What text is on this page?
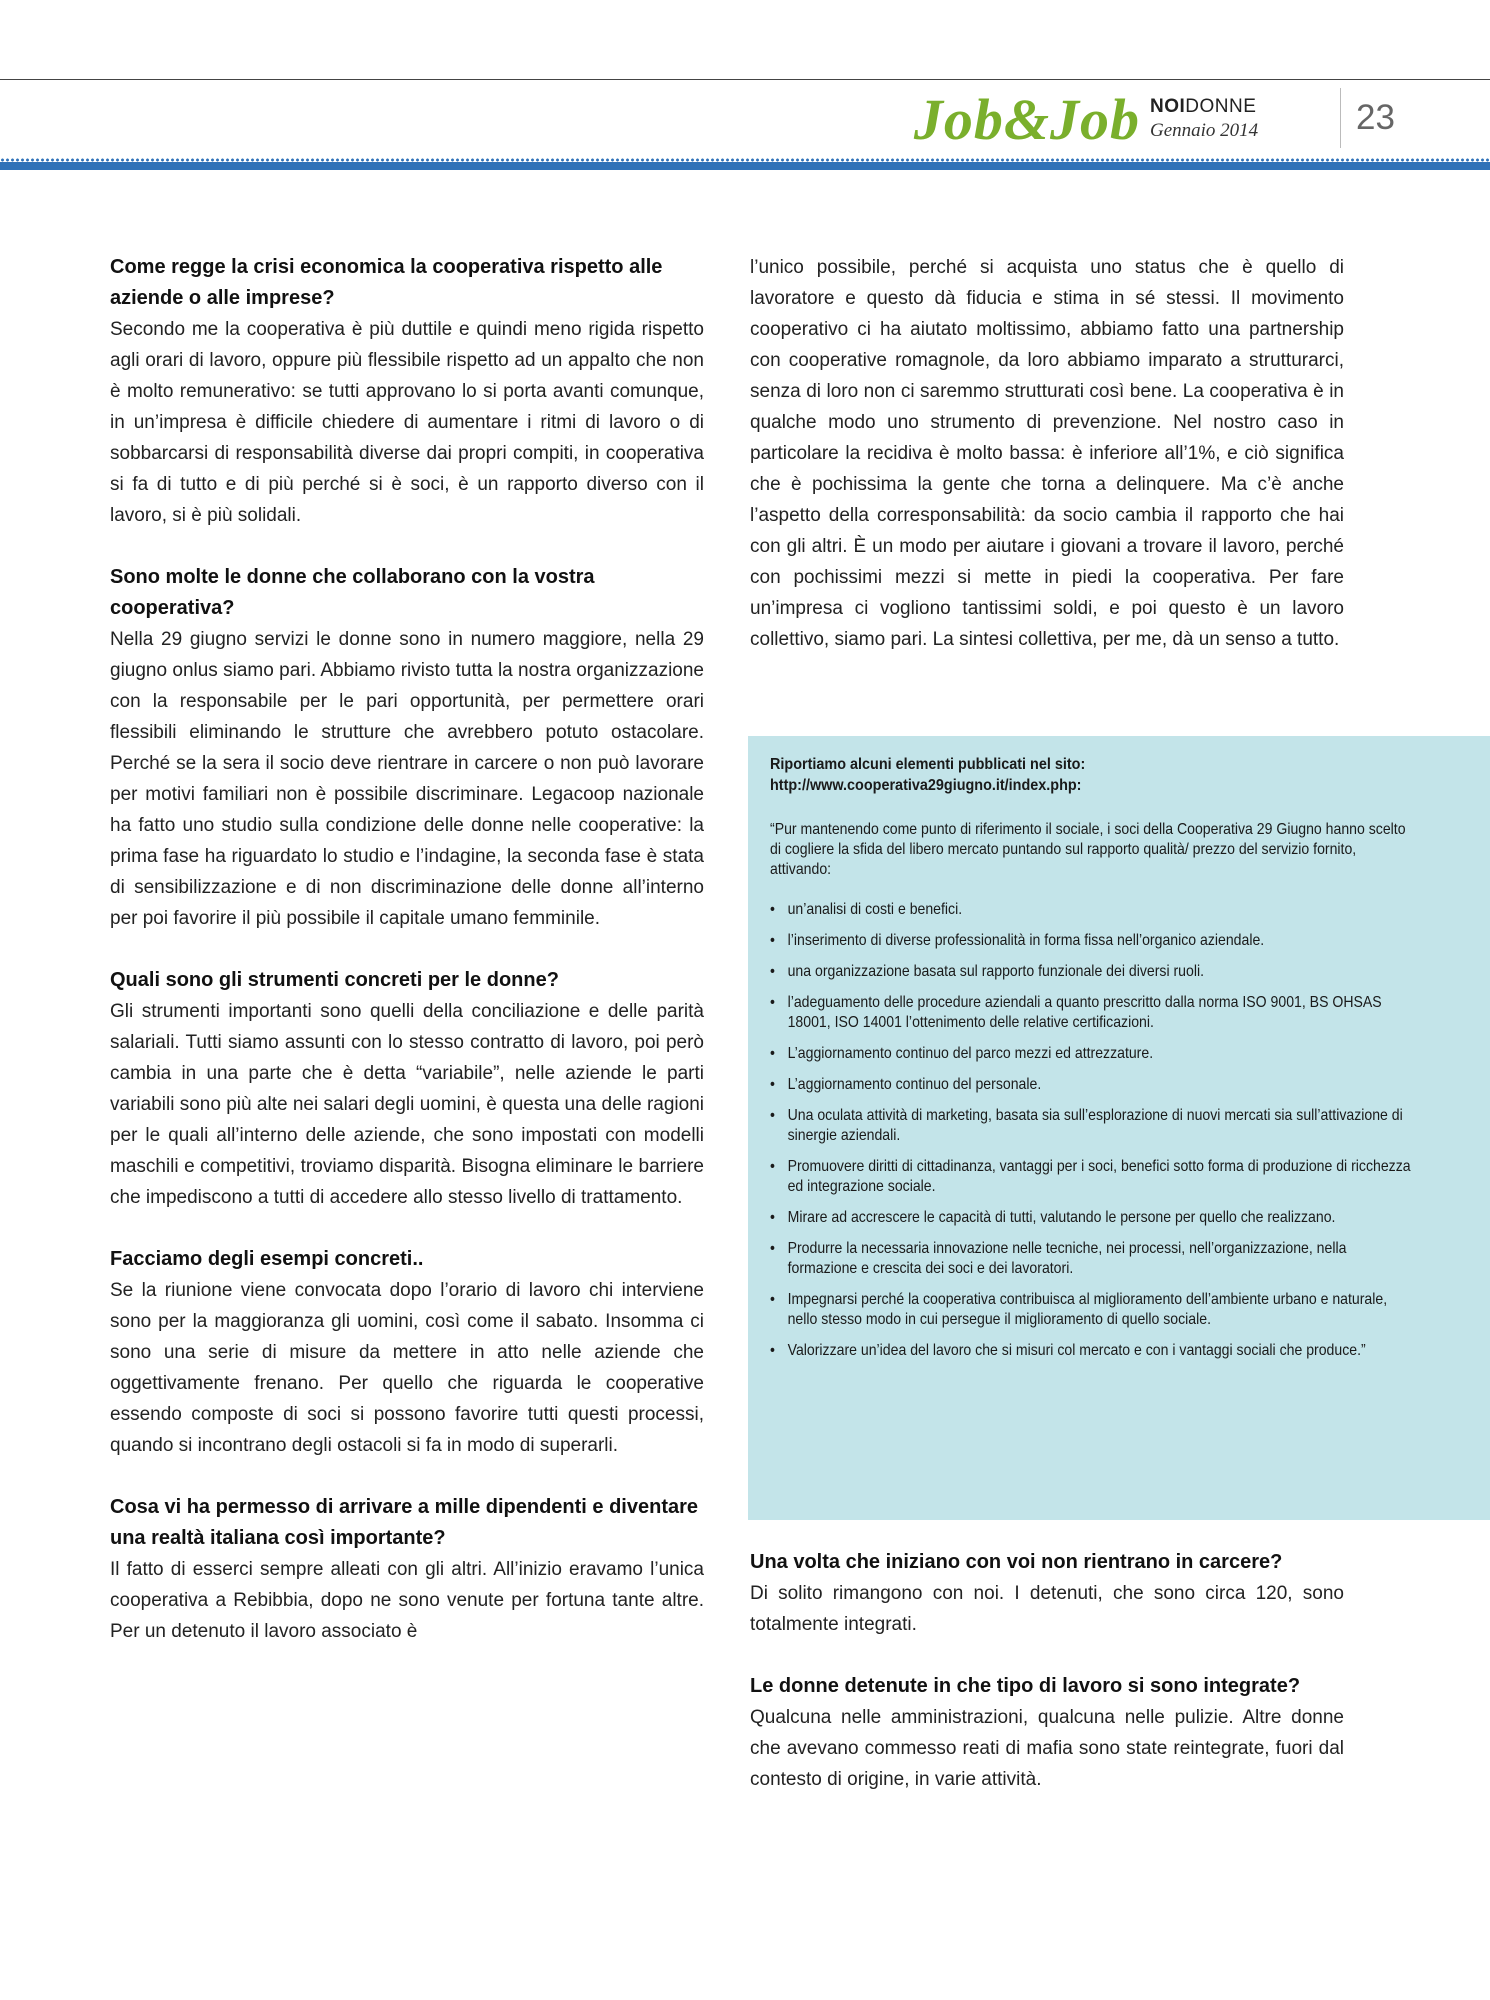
Job&Job NOIDONNE
Gennaio 2014	23

Come regge la crisi economica la cooperativa rispetto alle aziende o alle imprese?

Secondo me la cooperativa è più duttile e quindi meno rigida rispetto agli orari di lavoro, oppure più flessibile rispetto ad un appalto che non è molto remunerativo: se tutti approvano lo si porta avanti comunque, in un’impresa è difficile chiedere di aumentare i ritmi di lavoro o di sobbarcarsi di responsabilità diverse dai propri compiti, in cooperativa si fa di tutto e di più perché si è soci, è un rapporto diverso con il lavoro, si è più solidali.

Sono molte le donne che collaborano con la vostra cooperativa?

Nella 29 giugno servizi le donne sono in numero maggiore, nella 29 giugno onlus siamo pari. Abbiamo rivisto tutta la nostra organizzazione con la responsabile per le pari opportunità, per permettere orari flessibili eliminando le strutture che avrebbero potuto ostacolare. Perché se la sera il socio deve rientrare in carcere o non può lavorare per motivi familiari non è possibile discriminare. Legacoop nazionale ha fatto uno studio sulla condizione delle donne nelle cooperative: la prima fase ha riguardato lo studio e l’indagine, la seconda fase è stata di sensibilizzazione e di non discriminazione delle donne all’interno per poi favorire il più possibile il capitale umano femminile.

Quali sono gli strumenti concreti per le donne?

Gli strumenti importanti sono quelli della conciliazione e delle parità salariali. Tutti siamo assunti con lo stesso contratto di lavoro, poi però cambia in una parte che è detta “variabile”, nelle aziende le parti variabili sono più alte nei salari degli uomini, è questa una delle ragioni per le quali all’interno delle aziende, che sono impostati con modelli maschili e competitivi, troviamo disparità. Bisogna eliminare le barriere che impediscono a tutti di accedere allo stesso livello di trattamento.

Facciamo degli esempi concreti..

Se la riunione viene convocata dopo l’orario di lavoro chi interviene sono per la maggioranza gli uomini, così come il sabato. Insomma ci sono una serie di misure da mettere in atto nelle aziende che oggettivamente frenano. Per quello che riguarda le cooperative essendo composte di soci si possono favorire tutti questi processi, quando si incontrano degli ostacoli si fa in modo di superarli.

Cosa vi ha permesso di arrivare a mille dipendenti e diventare una realtà italiana così importante?

Il fatto di esserci sempre alleati con gli altri. All’inizio eravamo l’unica cooperativa a Rebibbia, dopo ne sono venute per fortuna tante altre. Per un detenuto il lavoro associato è

l’unico possibile, perché si acquista uno status che è quello di lavoratore e questo dà fiducia e stima in sé stessi. Il movimento cooperativo ci ha aiutato moltissimo, abbiamo fatto una partnership con cooperative romagnole, da loro abbiamo imparato a strutturarci, senza di loro non ci saremmo strutturati così bene. La cooperativa è in qualche modo uno strumento di prevenzione. Nel nostro caso in particolare la recidiva è molto bassa: è inferiore all’1%, e ciò significa che è pochissima la gente che torna a delinquere. Ma c’è anche l’aspetto della corresponsabilità: da socio cambia il rapporto che hai con gli altri. È un modo per aiutare i giovani a trovare il lavoro, perché con pochissimi mezzi si mette in piedi la cooperativa. Per fare un’impresa ci vogliono tantissimi soldi, e poi questo è un lavoro collettivo, siamo pari. La sintesi collettiva, per me, dà un senso a tutto.

Riportiamo alcuni elementi pubblicati nel sito:
http://www.cooperativa29giugno.it/index.php:
“Pur mantenendo come punto di riferimento il sociale, i soci della Cooperativa 29 Giugno hanno scelto di cogliere la sfida del libero mercato puntando sul rapporto qualità/ prezzo del servizio fornito, attivando:
• un’analisi di costi e benefici.
• l’inserimento di diverse professionalità in forma fissa nell’organico aziendale.
• una organizzazione basata sul rapporto funzionale dei diversi ruoli.
• l’adeguamento delle procedure aziendali a quanto prescritto dalla norma ISO 9001, BS OHSAS 18001, ISO 14001 l’ottenimento delle relative certificazioni.
• L’aggiornamento continuo del parco mezzi ed attrezzature.
• L’aggiornamento continuo del personale.
• Una oculata attività di marketing, basata sia sull’esplorazione di nuovi mercati sia sull’attivazione di sinergie aziendali.
• Promuovere diritti di cittadinanza, vantaggi per i soci, benefici sotto forma di produzione di ricchezza ed integrazione sociale.
• Mirare ad accrescere le capacità di tutti, valutando le persone per quello che realizzano.
• Produrre la necessaria innovazione nelle tecniche, nei processi, nell’organizzazione, nella formazione e crescita dei soci e dei lavoratori.
• Impegnarsi perché la cooperativa contribuisca al miglioramento dell’ambiente urbano e naturale, nello stesso modo in cui persegue il miglioramento di quello sociale.
• Valorizzare un’idea del lavoro che si misuri col mercato e con i vantaggi sociali che produce.”

Una volta che iniziano con voi non rientrano in carcere?

Di solito rimangono con noi. I detenuti, che sono circa 120, sono totalmente integrati.

Le donne detenute in che tipo di lavoro si sono integrate?

Qualcuna nelle amministrazioni, qualcuna nelle pulizie. Altre donne che avevano commesso reati di mafia sono state reintegrate, fuori dal contesto di origine, in varie attività.
